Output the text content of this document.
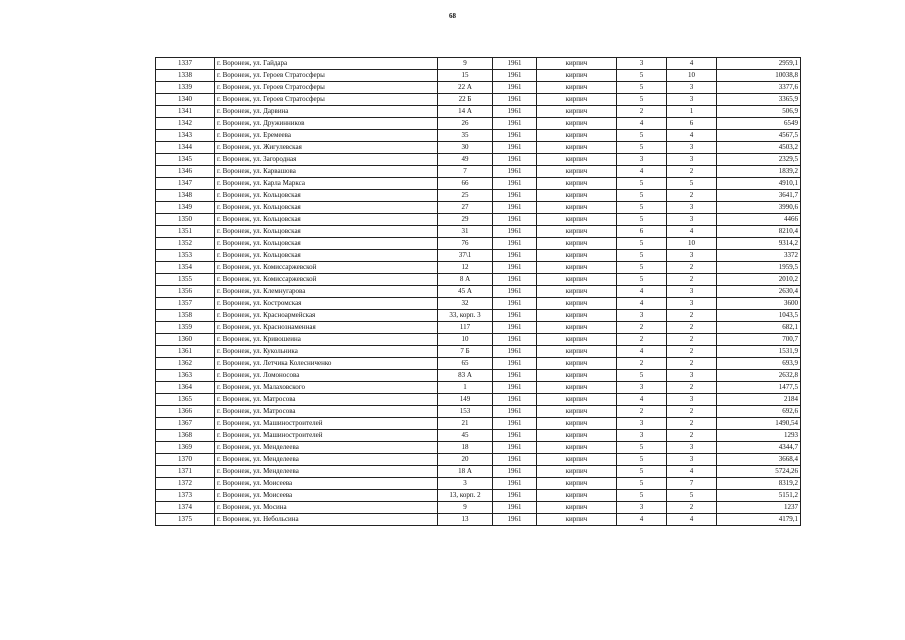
68
1337	г. Воронеж, ул. Гайдара	9	1961	кирпич	3	4	2959,1
1338	г. Воронеж, ул. Героев Стратосферы	15	1961	кирпич	5	10	10038,8
1339	г. Воронеж, ул. Героев Стратосферы	22 А	1961	кирпич	5	3	3377,6
1340	г. Воронеж, ул. Героев Стратосферы	22 Б	1961	кирпич	5	3	3365,9
1341	г. Воронеж, ул. Дарвина	14 А	1961	кирпич	2	1	506,9
1342	г. Воронеж, ул. Дружинников	26	1961	кирпич	4	6	6549
1343	г. Воронеж, ул. Еремеева	35	1961	кирпич	5	4	4567,5
1344	г. Воронеж, ул. Жигулевская	30	1961	кирпич	5	3	4503,2
1345	г. Воронеж, ул. Загородная	49	1961	кирпич	3	3	2329,5
1346	г. Воронеж, ул. Карвашова	7	1961	кирпич	4	2	1839,2
1347	г. Воронеж, ул. Карла Маркса	66	1961	кирпич	5	5	4910,1
1348	г. Воронеж, ул. Кольцовская	25	1961	кирпич	5	2	3641,7
1349	г. Воронеж, ул. Кольцовская	27	1961	кирпич	5	3	3990,6
1350	г. Воронеж, ул. Кольцовская	29	1961	кирпич	5	3	4466
1351	г. Воронеж, ул. Кольцовская	31	1961	кирпич	6	4	8210,4
1352	г. Воронеж, ул. Кольцовская	76	1961	кирпич	5	10	9314,2
1353	г. Воронеж, ул. Кольцовская	37\1	1961	кирпич	5	3	3372
1354	г. Воронеж, ул. Комиссаржевской	12	1961	кирпич	5	2	1959,5
1355	г. Воронеж, ул. Комиссаржевской	8 А	1961	кирпич	5	2	2010,2
1356	г. Воронеж, ул. Клемнугарова	45 А	1961	кирпич	4	3	2630,4
1357	г. Воронеж, ул. Костромская	32	1961	кирпич	4	3	3600
1358	г. Воронеж, ул. Красноармейская	33, корп. 3	1961	кирпич	3	2	1043,5
1359	г. Воронеж, ул. Краснознаменная	117	1961	кирпич	2	2	682,1
1360	г. Воронеж, ул. Кривошеина	10	1961	кирпич	2	2	700,7
1361	г. Воронеж, ул. Кукольника	7 Б	1961	кирпич	4	2	1531,9
1362	г. Воронеж, ул. Летчика Колесниченко	65	1961	кирпич	2	2	693,9
1363	г. Воронеж, ул. Ломоносова	83 А	1961	кирпич	5	3	2632,8
1364	г. Воронеж, ул. Малаховского	1	1961	кирпич	3	2	1477,5
1365	г. Воронеж, ул. Матросова	149	1961	кирпич	4	3	2184
1366	г. Воронеж, ул. Матросова	153	1961	кирпич	2	2	692,6
1367	г. Воронеж, ул. Машиностроителей	21	1961	кирпич	3	2	1490,54
1368	г. Воронеж, ул. Машиностроителей	45	1961	кирпич	3	2	1293
1369	г. Воронеж, ул. Менделеева	18	1961	кирпич	5	3	4344,7
1370	г. Воронеж, ул. Менделеева	20	1961	кирпич	5	3	3668,4
1371	г. Воронеж, ул. Менделеева	18 А	1961	кирпич	5	4	5724,26
1372	г. Воронеж, ул. Моисеева	3	1961	кирпич	5	7	8319,2
1373	г. Воронеж, ул. Моисеева	13, корп. 2	1961	кирпич	5	5	5151,2
1374	г. Воронеж, ул. Мосина	9	1961	кирпич	3	2	1237
1375	г. Воронеж, ул. Небольсина	13	1961	кирпич	4	4	4179,1
